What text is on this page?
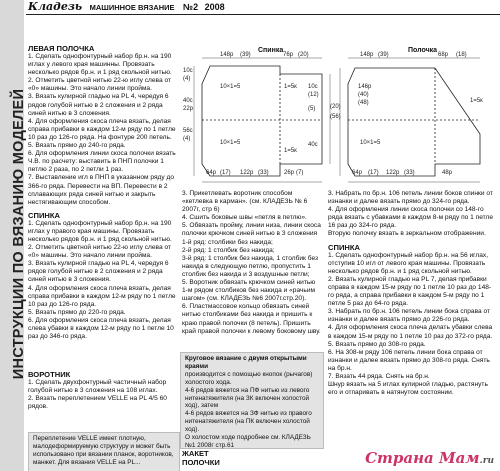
ИНСТРУКЦИИ ПО ВЯЗАНИЮ МОДЕЛЕЙ
Кладезь МАШИННОЕ ВЯЗАНИЕ №2 2008
ЛЕВАЯ ПОЛОЧКА

1. Сделать однофонтурный набор бр.н. на 190 иглах у левого края машинны. Провязать несколько рядов бр.н. и 1 ряд скольной нитью.

2. Отметить цветной нитью 22-ю иглу слева от «0» машины. Это начало линии пройма.

3. Вязать кулирной гладью на PL 4, чередуя 6 рядов голубой нитью в 2 сложения и 2 ряда синей нитью в 3 сложения.

4. Для оформления скоса плеча вязать, делая справа прибавки в каждом 12-м ряду по 1 петле 10 раз до 126-го ряда. На фонтуре 200 петель.

5. Вязать прямо до 240-го ряда.

6. Для оформления линии скоса полочки вязать Ч.В. по расчету: выставить в ПНП полочки 1 петлю 2 раза, по 2 петли 1 раз.

7. Выставление игл в ПНП в указанном ряду до 366-го ряда. Перевести на ВП. Перевести в 2 сплавающих ряда синей нитью и закрыть нестягивающим способом.

СПИНКА

1. Сделать однофонтурный набор бр.н. на 190 иглах у правого края машины. Провязать несколько рядов бр.н. и 1 ряд скольной нитью.

2. Отметить цветной нитью 22-ю иглу слева от «0» машины. Это начало линии пройма.

3. Вязать кулирной гладью на PL 4, чередуя 6 рядов голубой нитью в 2 сложения и 2 ряда синей нитью в 3 сложения.

4. Для оформления скоса плеча вязать, делая справа прибавки в каждом 12-м ряду по 1 петле 10 раз до 126-го ряда.

5. Вязать прямо до 220-го ряда.

6. Для оформления скоса плеча вязать, делая слева убавки в каждом 12-м ряду по 1 петле 10 раз до 346-го ряда.

ВОРОТНИК

1. Сделать двухфонтурный частичный набор голубой нитью в 3 сложения на 108 иглах.

2. Вязать переплетением VELLE на PL 4/5 60 рядов.

Переплетение VELLE имеет плотную, малодеформируемую структуру и может быть использовано при вязании планок, воротников, манжет. Для вязания VELLE на PL...
Спинка	Полочка
148р (39)	76р (20)
10с
(4)
40с
22р
56с
(4)
10с
(12)
(5)
40с
10×1=5
10×1=5
1=5к
1=5к
(20)
(56)
64р (17) 122р (33)	26р (7)
148р (39)	68р (18)
146р
(40)
(48)	1=5к
10×1=5
64р (17) 122р (33)	48р

3. Прикетлевать воротник способом «кетлевка в карман». (см. КЛАДЕЗЬ № 6 2007г, стр 6)

4. Сшить боковые швы «петля в петлю».

5. Обвязать пройму, линии низа, линии скоса полочки крючком синей нитью в 3 сложения

1-й ряд: столбики без накида;

2-й ряд: 1 столбик без накида;

3-й ряд: 1 столбик без накида, 1 столбик без накида в следующую петлю, пропустить 1 столбик без накида и 3 воздушные петли;

5. Воротник обвязать крючком синей нитью 1-м рядом столбиков без накида и «рачьим шагом» (см. КЛАДЕЗЬ №6 2007г.стр.20).

6. Пластмассовое кольцо обвязать синей нитью столбиками без накида и пришить к краю правой полочки (8 петель). Пришить край правой полочки к левому боковому шву.

Круговое вязание с двумя открытыми краями

производится с помощью кнопок (рычагов) холостого хода.

4-6 рядов вяжется на ПФ нитью из левого нитенатяжителя (на ЗК включен холостой ход), затем

4-6 рядов вяжется на ЗФ нитью из правого нитенатяжителя (на ПК включен холостой ход).

О холостом ходе подробнее см. КЛАДЕЗЬ №1 2008г стр.61

ЖАКЕТ
ПОЛОЧКИ

3. Набрать по бр.н. 106 петель линии боков спинки от изнанки и далее вязать прямо до 324-го ряда.

4. Для оформления линии скоса полочки со 148-го ряда вязать с убавками в каждом 8-м ряду по 1 петле 16 раз до 324-го ряда.

Вторую полочку вязать в зеркальном отображении.

СПИНКА

1. Сделать однофонтурный набор бр.н. на 56 иглах, отступив 10 игл от левого края машины. Провязать несколько рядов бр.н. и 1 ряд скольной нитью.

2. Вязать кулирной гладью на PL 7, делая прибавки справа в каждом 15-м ряду по 1 петле 10 раз до 148-го ряда, а справа прибавки в каждом 5-м ряду по 1 петле 5 раз до 64-го ряда.

3. Набрать по бр.н. 106 петель линии бока справа от изнанки и далее вязать прямо до 226-го ряда.

4. Для оформления скоса плеча делать убавки слева в каждом 15-м ряду по 1 петле 10 раз до 372-го ряда.

5. Вязать прямо до 308-го ряда.

6. На 308-м ряду 106 петель линии бока справа от изнанки и далее вязать прямо до 308-го ряда. Снять на бр.н.

7. Вязать 44 ряда. Снять на бр.н.

Шнур вязать на 5 иглах кулирной гладью, растянуть его и отпаривать в натянутом состоянии.

Страна Мам.ru
